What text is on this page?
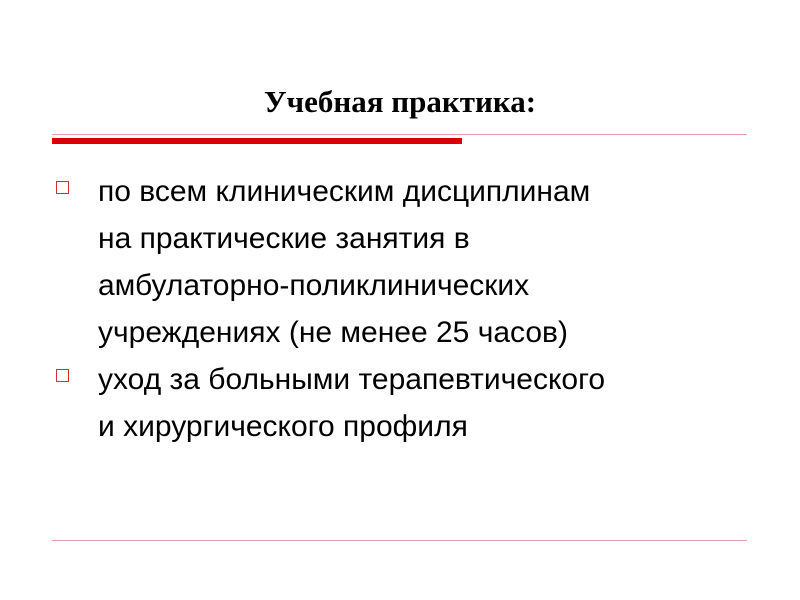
Учебная практика:
по всем клиническим дисциплинам
на практические занятия в
амбулаторно-поликлинических
учреждениях (не менее 25 часов)
уход за больными терапевтического
и хирургического профиля
